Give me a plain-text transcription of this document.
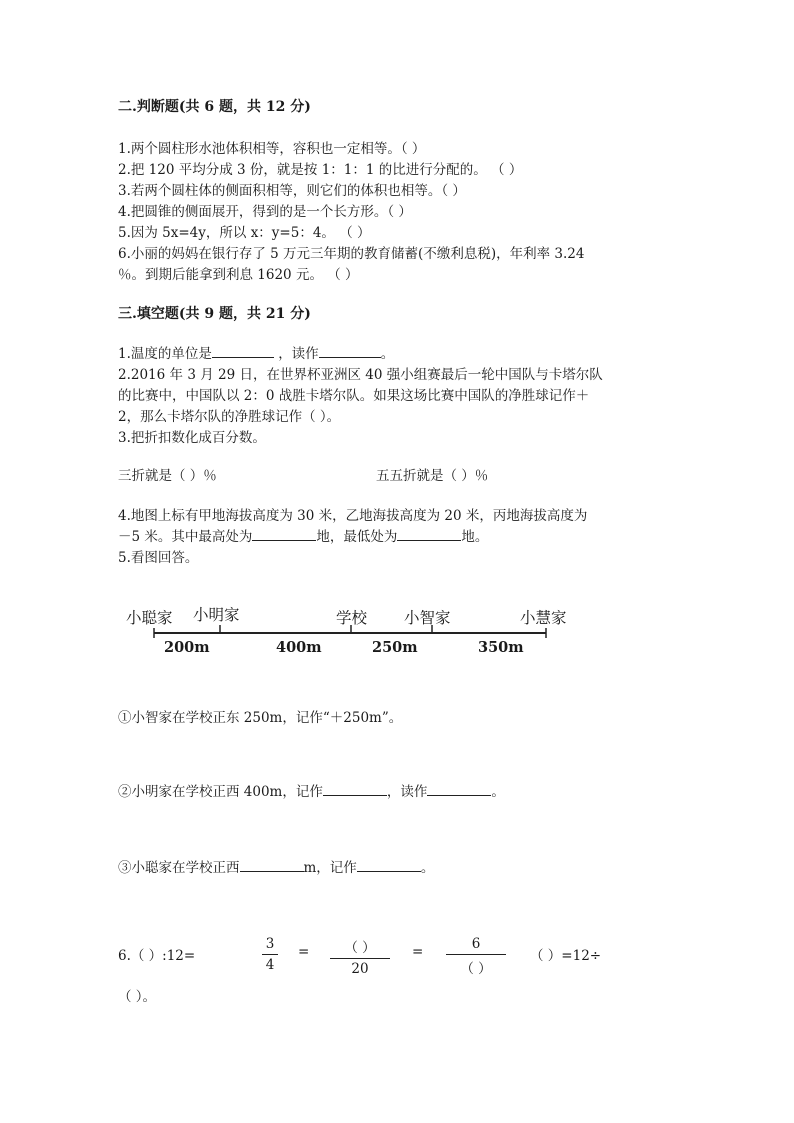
二.判断题(共 6 题，共 12 分)
1.两个圆柱形水池体积相等，容积也一定相等。（ ）
2.把 120 平均分成 3 份，就是按 1：1：1 的比进行分配的。 （ ）
3.若两个圆柱体的侧面积相等，则它们的体积也相等。（ ）
4.把圆锥的侧面展开，得到的是一个长方形。（ ）
5.因为 5x=4y，所以 x：y=5：4。 （ ）
6.小丽的妈妈在银行存了 5 万元三年期的教育储蓄(不缴利息税)，年利率 3.24
％。到期后能拿到利息 1620 元。 （ ）
三.填空题(共 9 题，共 21 分)
1.温度的单位是	，读作	。
2.2016 年 3 月 29 日，在世界杯亚洲区 40 强小组赛最后一轮中国队与卡塔尔队
的比赛中，中国队以 2：0 战胜卡塔尔队。如果这场比赛中国队的净胜球记作＋
2，那么卡塔尔队的净胜球记作（ ）。
3.把折扣数化成百分数。
三折就是（ ）％	五五折就是（ ）％
4.地图上标有甲地海拔高度为 30 米，乙地海拔高度为 20 米，丙地海拔高度为
－5 米。其中最高处为	地，最低处为	地。
5.看图回答。
小聪家 小明家	学校 小智家	小慧家
200m	400m	250m	350m
①小智家在学校正东 250m，记作“＋250m”。
②小明家在学校正西 400m，记作	，读作	。
③小聪家在学校正西	m，记作	。
6.（ ）:12=
3
4
=	（ ）
20
=	6
（ ）
（ ）=12÷
（ ）。
